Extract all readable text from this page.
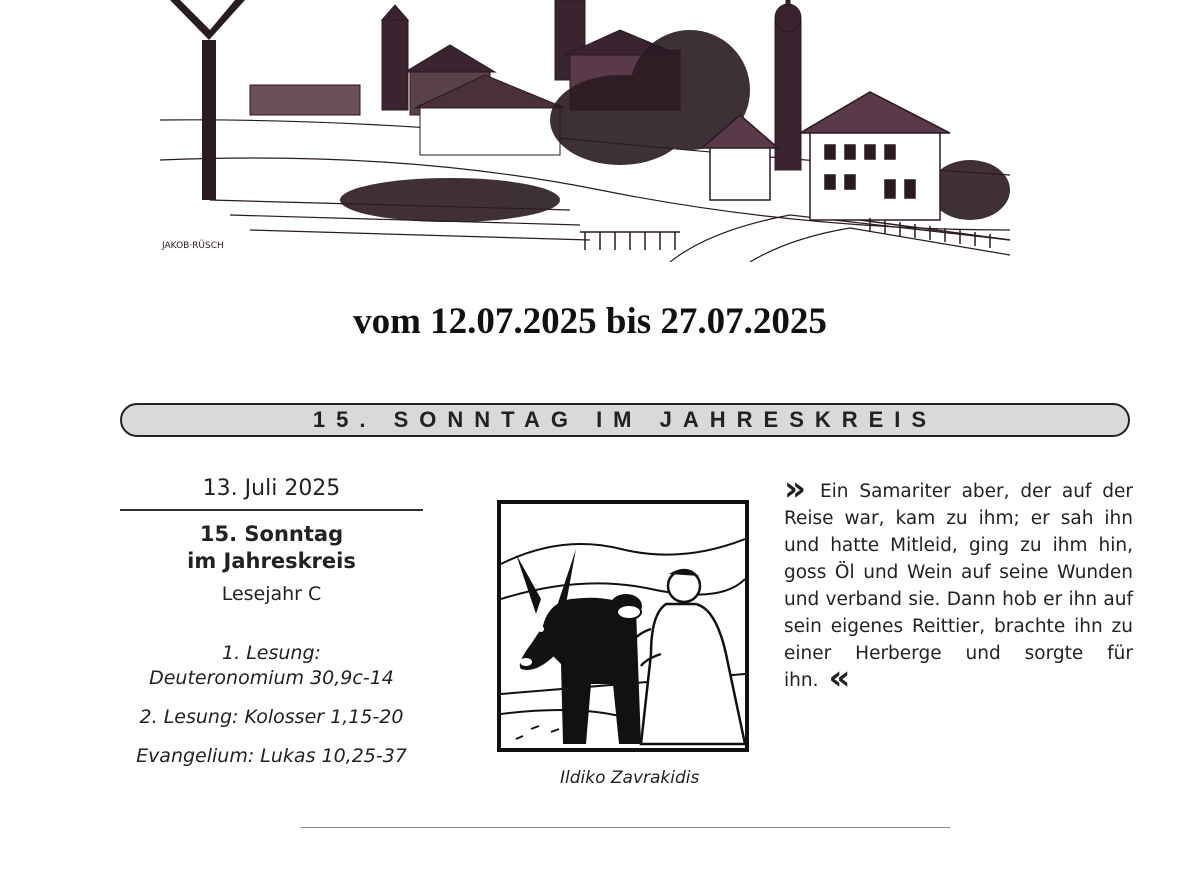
JAKOB·RÜSCH
vom 12.07.2025 bis 27.07.2025
15. SONNTAG IM JAHRESKREIS
13. Juli 2025
15. Sonntag
im Jahreskreis
Lesejahr C
1. Lesung:
Deuteronomium 30,9c-14
2. Lesung: Kolosser 1,15-20
Evangelium: Lukas 10,25-37
Ildiko Zavrakidis
» Ein Samariter aber, der auf der Reise war, kam zu ihm; er sah ihn und hatte Mitleid, ging zu ihm hin, goss Öl und Wein auf seine Wunden und verband sie. Dann hob er ihn auf sein eigenes Reittier, brachte ihn zu einer Herberge und sorgte für ihn. «
